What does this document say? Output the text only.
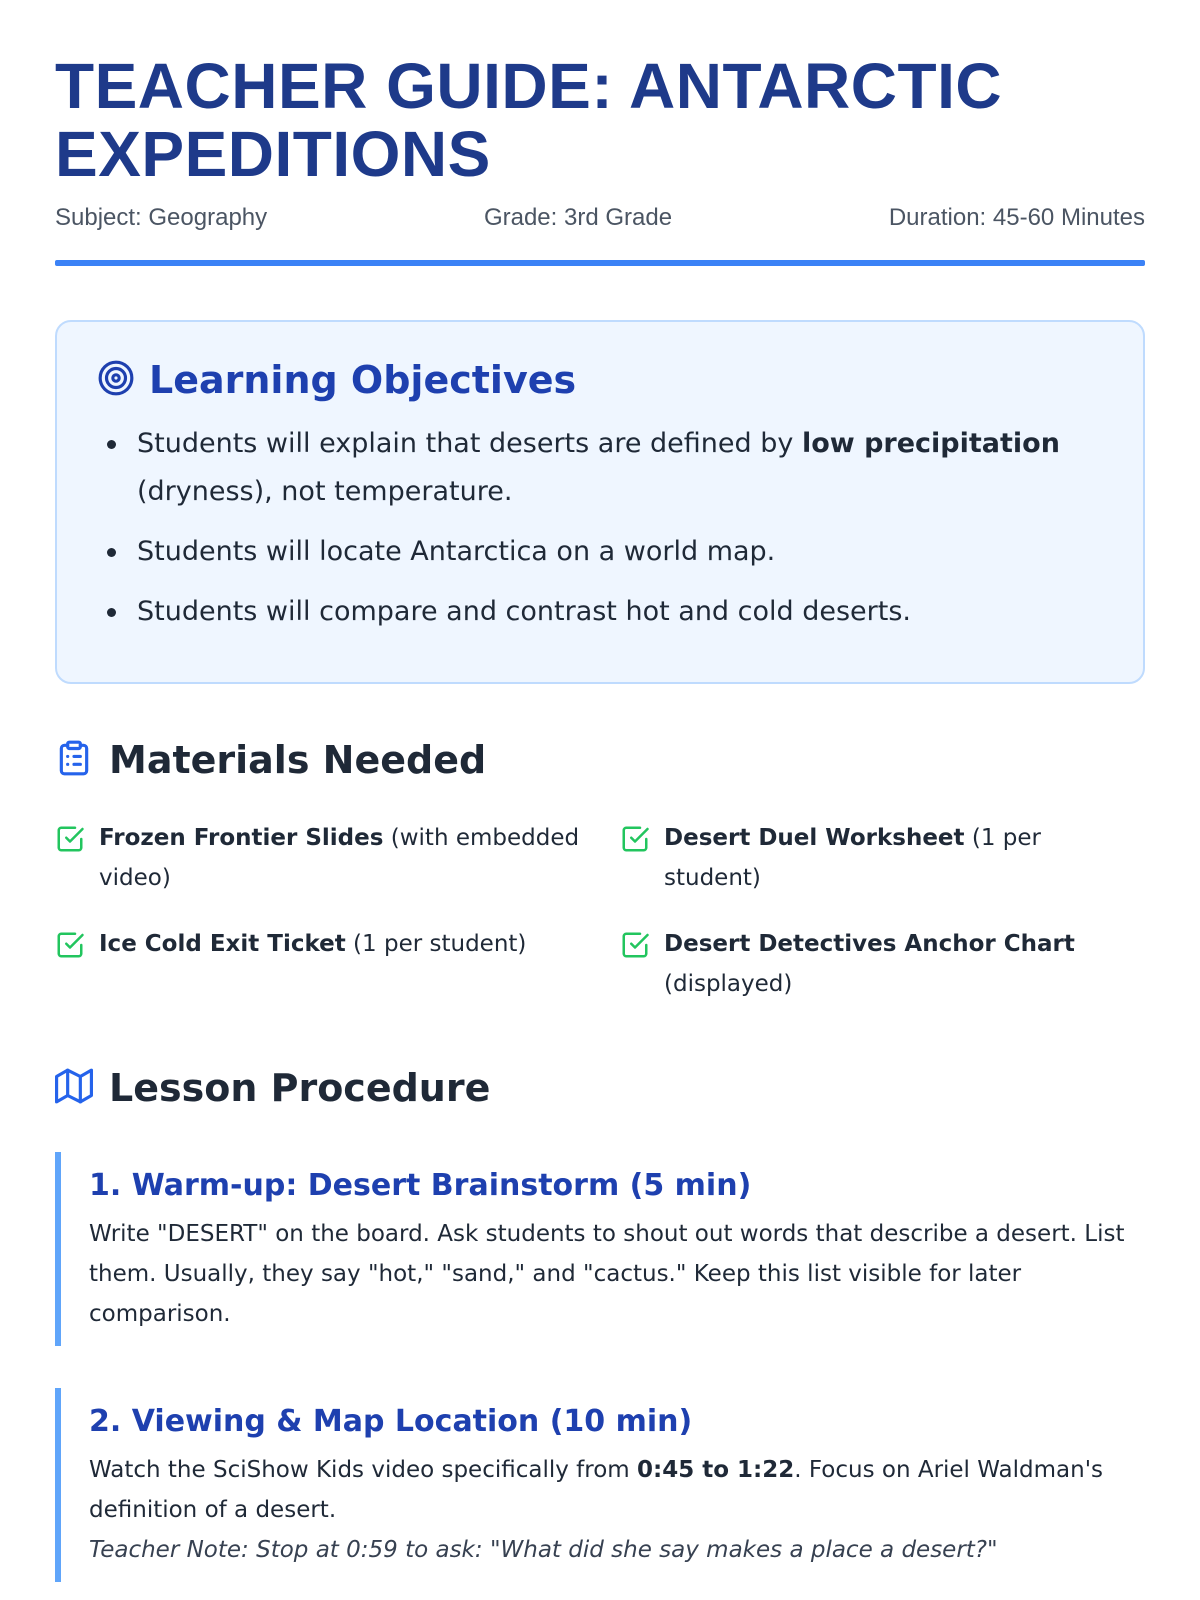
TEACHER GUIDE: ANTARCTIC EXPEDITIONS
Subject: Geography	Grade: 3rd Grade	Duration: 45-60 Minutes
Learning Objectives
Students will explain that deserts are defined by low precipitation (dryness), not temperature.
Students will locate Antarctica on a world map.
Students will compare and contrast hot and cold deserts.
Materials Needed
Frozen Frontier Slides (with embedded video)
Desert Duel Worksheet (1 per student)
Ice Cold Exit Ticket (1 per student)	Desert Detectives Anchor Chart (displayed)
Lesson Procedure
1. Warm-up: Desert Brainstorm (5 min)

Write "DESERT" on the board. Ask students to shout out words that describe a desert. List them. Usually, they say "hot," "sand," and "cactus." Keep this list visible for later comparison.

2. Viewing & Map Location (10 min)

Watch the SciShow Kids video specifically from 0:45 to 1:22. Focus on Ariel Waldman's definition of a desert.

Teacher Note: Stop at 0:59 to ask: "What did she say makes a place a desert?"
